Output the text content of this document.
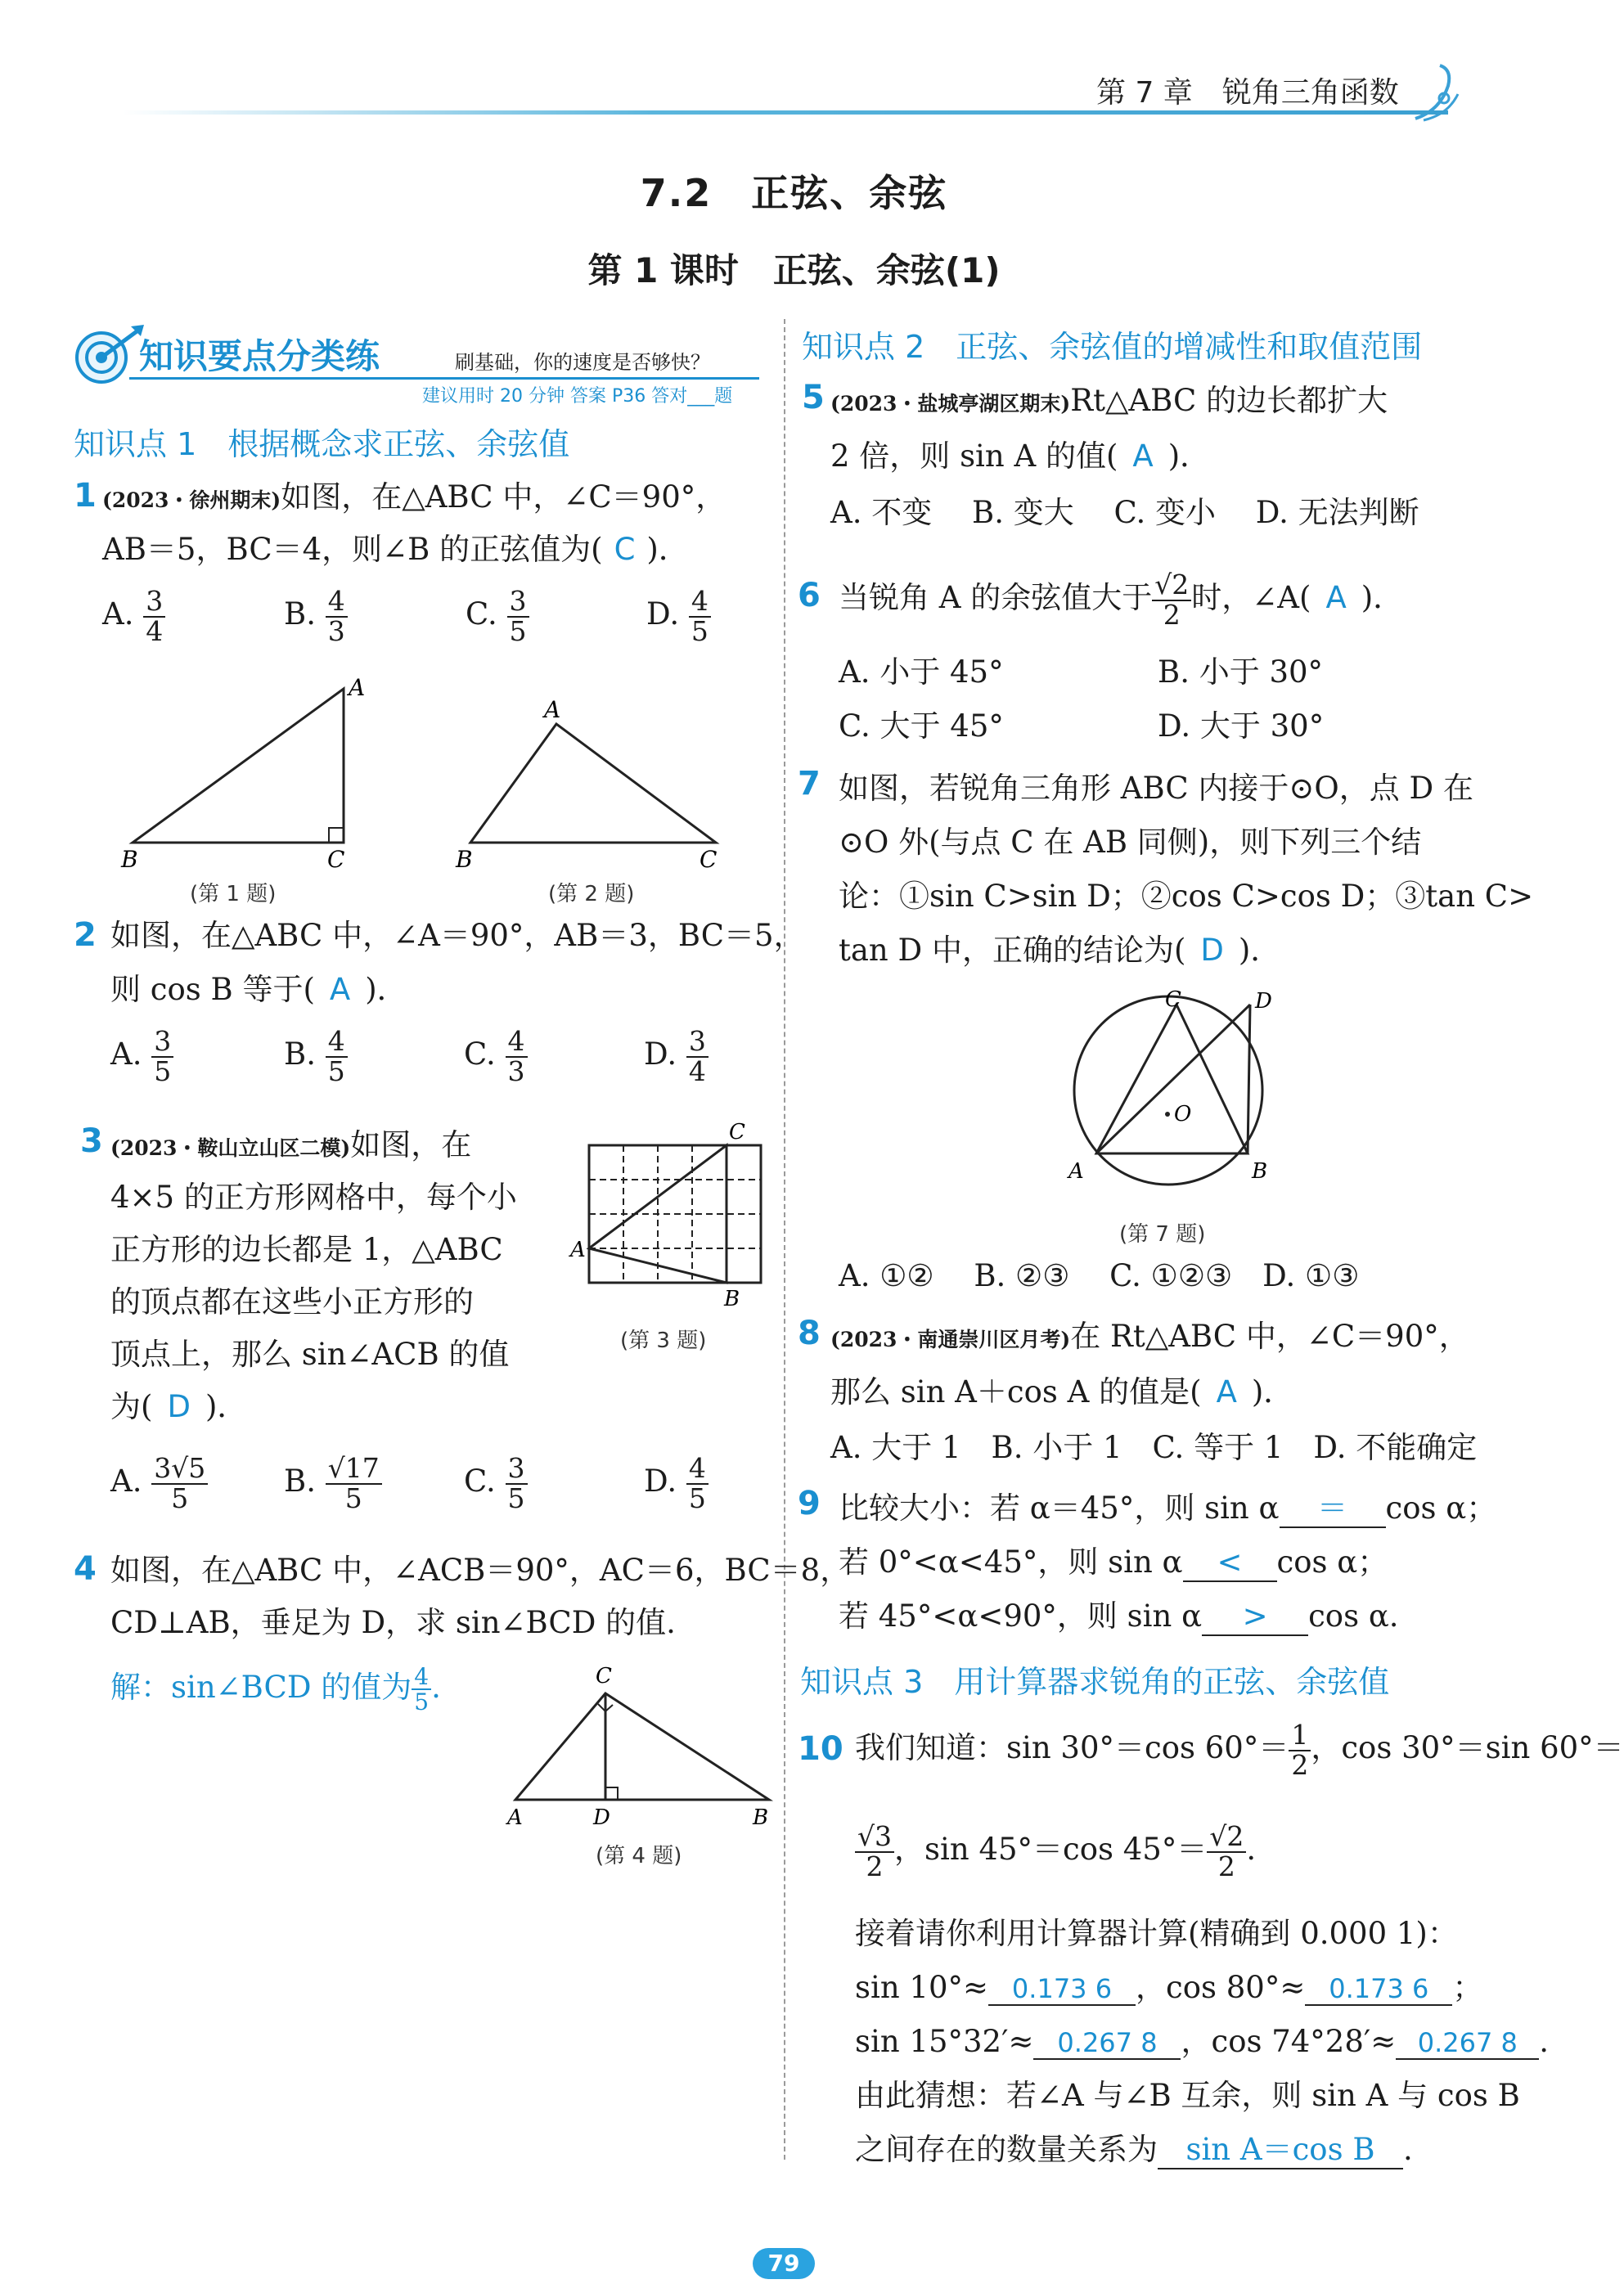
第 7 章　锐角三角函数
7.2　正弦、余弦
第 1 课时　正弦、余弦(1)
知识要点分类练	刷基础，你的速度是否够快？
建议用时 20 分钟 答案 P36 答对___题
知识点 1　根据概念求正弦、余弦值
1 (2023・徐州期末)如图，在△ABC 中，∠C＝90°，
AB＝5，BC＝4，则∠B 的正弦值为( C )．
A. $\frac{3}{4}$	B. $\frac{4}{3}$	C. $\frac{3}{5}$	D. $\frac{4}{5}$
B	C
A
(第 1 题)
B	C
A
(第 2 题)
2 如图，在△ABC 中，∠A＝90°，AB＝3，BC＝5，
则 cos B 等于( A )．
A. $\frac{3}{5}$	B. $\frac{4}{5}$	C. $\frac{4}{3}$	D. $\frac{3}{4}$
3 (2023・鞍山立山区二模)如图，在
4×5 的正方形网格中，每个小
正方形的边长都是 1，△ABC
的顶点都在这些小正方形的
顶点上，那么 sin∠ACB 的值
为( D )．
C
A
B
(第 3 题)
A. $\frac{3√5}{5}$	B. $\frac{√17}{5}$	C. $\frac{3}{5}$	D. $\frac{4}{5}$
4 如图，在△ABC 中，∠ACB＝90°，AC＝6，BC＝8，
CD⊥AB，垂足为 D，求 sin∠BCD 的值.
解：sin∠BCD 的值为 $\frac{4}{5}$ .	C
A	D	B
(第 4 题)
知识点 2　正弦、余弦值的增减性和取值范围
5 (2023・盐城亭湖区期末)Rt△ABC 的边长都扩大
2 倍，则 sin A 的值( A )．
A. 不变　 B. 变大　 C. 变小　 D. 无法判断
6 当锐角 A 的余弦值大于 $\frac{√2}{2}$ 时，∠A( A )．
A. 小于 45°	B. 小于 30°
C. 大于 45°	D. 大于 30°
7 如图，若锐角三角形 ABC 内接于⊙O，点 D 在
⊙O 外(与点 C 在 AB 同侧)，则下列三个结
论：①sin C>sin D；②cos C>cos D；③tan C>
tan D 中，正确的结论为( D )．
C	D
O
A	B
(第 7 题)
A. ①②　 B. ②③　 C. ①②③　D. ①③
8 (2023・南通崇川区月考)在 Rt△ABC 中，∠C＝90°，
那么 sin A＋cos A 的值是( A )．
A. 大于 1　B. 小于 1　C. 等于 1　D. 不能确定
9 比较大小：若 α＝45°，则 sin α ＝ cos α；
若 0°<α<45°，则 sin α < cos α；
若 45°<α<90°，则 sin α > cos α.
知识点 3　用计算器求锐角的正弦、余弦值
10 我们知道：sin 30°＝cos $60^\circ= \frac{1}{2}$ ，cos 30°＝sin 60°＝
$\frac{√3}{2}$ ，sin 45°＝cos $45^\circ= \frac{√2}{2}$ .
接着请你利用计算器计算(精确到 0.000 1)：
sin 10°≈ 0.173 6 ，cos 80°≈ 0.173 6 ；
sin 15°32′≈ 0.267 8 ，cos 74°28′≈ 0.267 8 .
由此猜想：若∠A 与∠B 互余，则 sin A 与 cos B
之间存在的数量关系为 sin A＝cos B .
79
